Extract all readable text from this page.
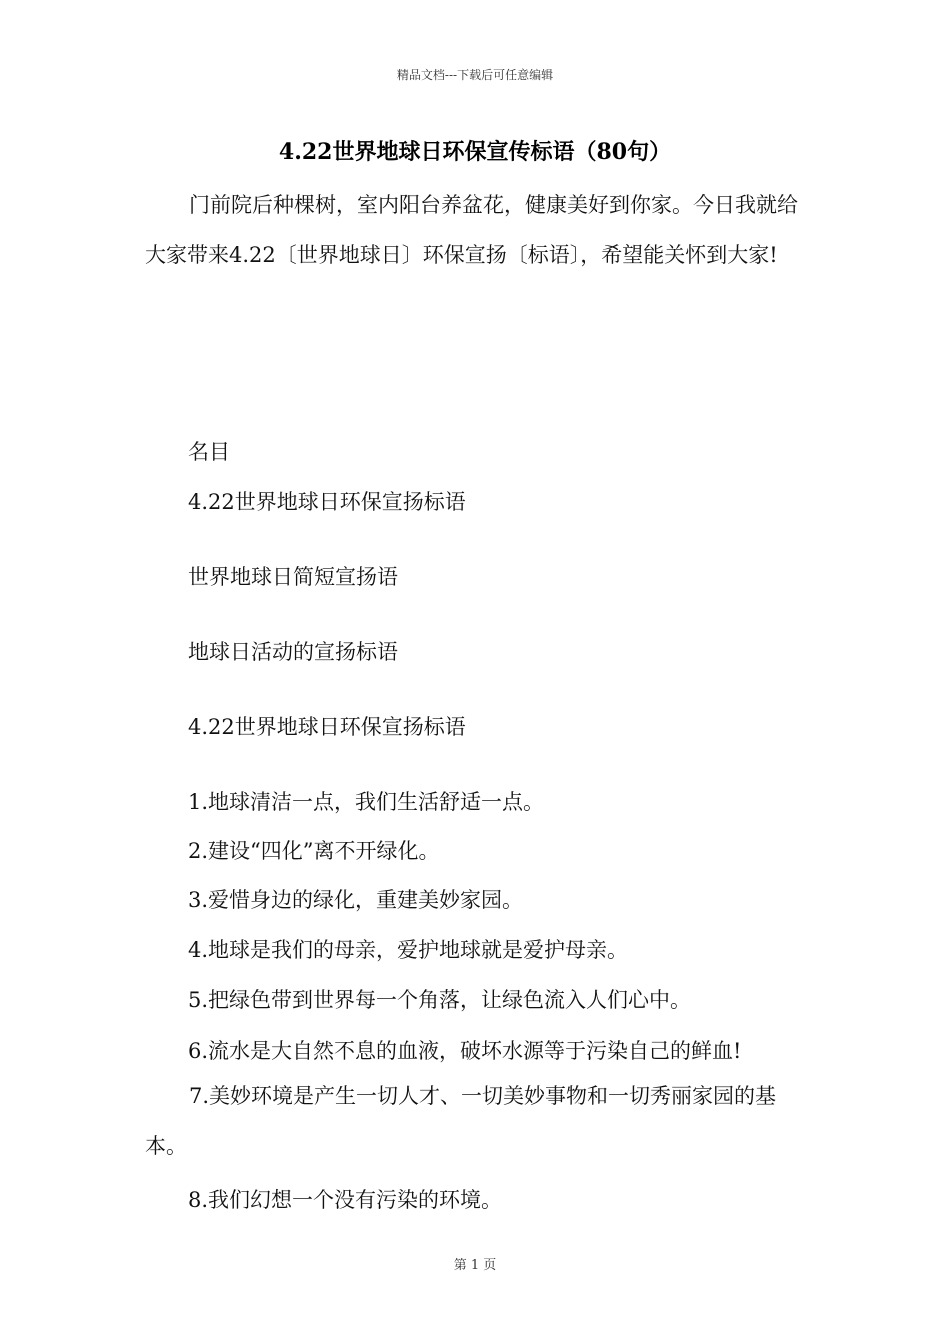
精品文档---下载后可任意编辑
4.22世界地球日环保宣传标语（80句）

门前院后种棵树，室内阳台养盆花，健康美好到你家。今日我就给大家带来4.22〔世界地球日〕环保宣扬〔标语〕，希望能关怀到大家!

名目

4.22世界地球日环保宣扬标语

世界地球日简短宣扬语

地球日活动的宣扬标语

4.22世界地球日环保宣扬标语

1.地球清洁一点，我们生活舒适一点。

2.建设“四化”离不开绿化。

3.爱惜身边的绿化，重建美妙家园。

4.地球是我们的母亲，爱护地球就是爱护母亲。

5.把绿色带到世界每一个角落，让绿色流入人们心中。

6.流水是大自然不息的血液，破坏水源等于污染自己的鲜血!

7.美妙环境是产生一切人才、一切美妙事物和一切秀丽家园的基本。

8.我们幻想一个没有污染的环境。

第 1 页
